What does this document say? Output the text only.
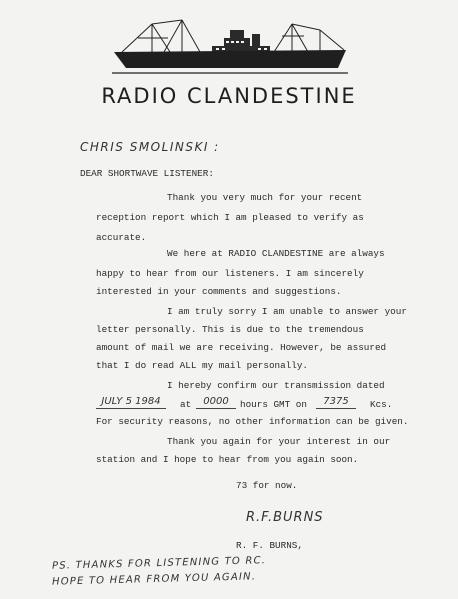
RADIO CLANDESTINE
CHRIS SMOLINSKI :
DEAR SHORTWAVE LISTENER:
Thank you very much for your recent
reception report which I am pleased to verify as
accurate.
We here at RADIO CLANDESTINE are always
happy to hear from our listeners. I am sincerely
interested in your comments and suggestions.
I am truly sorry I am unable to answer your
letter personally. This is due to the tremendous
amount of mail we are receiving. However, be assured
that I do read ALL my mail personally.
I hereby confirm our transmission dated
JULY 5 1984	at	0000	hours GMT on	7375	Kcs.
For security reasons, no other information can be given.
Thank you again for your interest in our
station and I hope to hear from you again soon.
73 for now.
R.F.BURNS
R. F. BURNS,
PS. THANKS FOR LISTENING TO RC.
HOPE TO HEAR FROM YOU AGAIN.
